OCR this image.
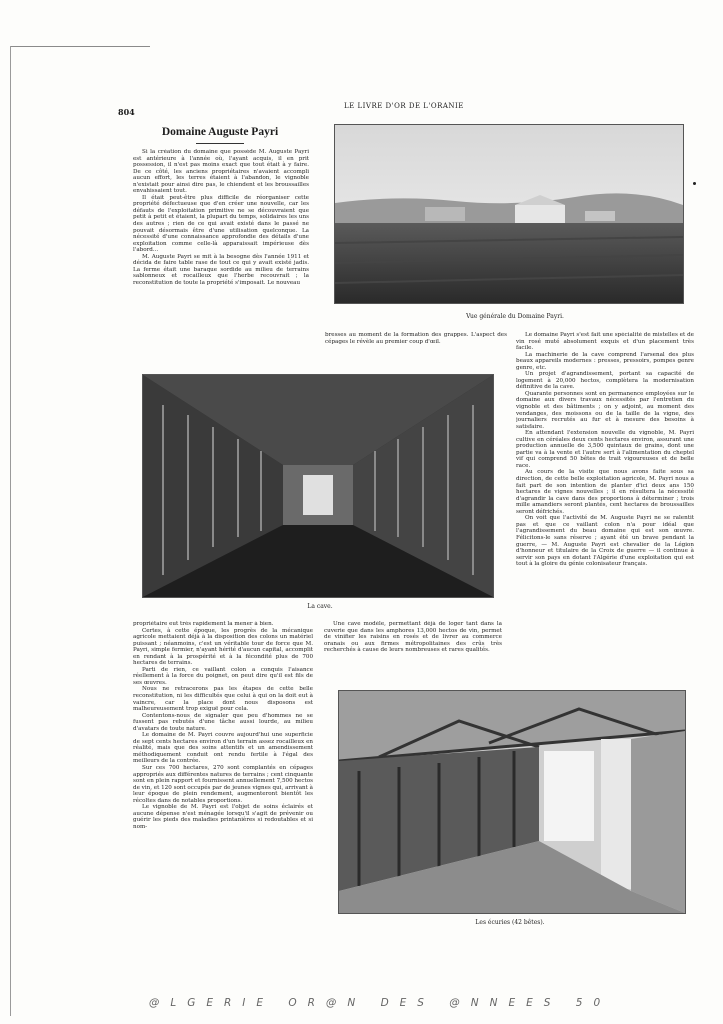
804
LE LIVRE D'OR DE L'ORANIE
Domaine Auguste Payri

Si la création du domaine que possède M. Auguste Payri est antérieure à l'année où, l'ayant acquis, il en prit possession, il n'est pas moins exact que tout était à y faire. De ce côté, les anciens propriétaires n'avaient accompli aucun effort, les terres étaient à l'abandon, le vignoble n'existait pour ainsi dire pas, le chiendent et les broussailles envahissaient tout.

Il était peut-être plus difficile de réorganiser cette propriété défectueuse que d'en créer une nouvelle, car les défauts de l'exploitation primitive ne se découvraient que petit à petit et étaient, la plupart du temps, solidaires les uns des autres ; rien de ce qui avait existé dans le passé ne pouvait désormais être d'une utilisation quelconque. La nécessité d'une connaissance approfondie des détails d'une exploitation comme celle-là apparaissait impérieuse dès l'abord...

M. Auguste Payri se mit à la besogne dès l'année 1911 et décida de faire table rase de tout ce qui y avait existé jadis. La ferme était une baraque sordide au milieu de terrains sablonneux et rocailleux que l'herbe recouvrait ; la reconstitution de toute la propriété s'imposait. Le nouveau

Vue générale du Domaine Payri.

bresses au moment de la formation des grappes. L'aspect des cépages le révèle au premier coup d'œil.

Le domaine Payri s'est fait une spécialité de mistelles et de vin rosé muté absolument exquis et d'un placement très facile.

La machinerie de la cave comprend l'arsenal des plus beaux appareils modernes : presses, pressoirs, pompes genre genre, etc.

Un projet d'agrandissement, portant sa capacité de logement à 20,000 hectos, complètera la modernisation définitive de la cave.

Quarante personnes sont en permanence employées sur le domaine aux divers travaux nécessités par l'entretien du vignoble et des bâtiments ; on y adjoint, au moment des vendanges, des moissons ou de la taille de la vigne, des journaliers recrutés au fur et à mesure des besoins à satisfaire.

En attendant l'extension nouvelle du vignoble, M. Payri cultive en céréales deux cents hectares environ, assurant une production annuelle de 3,500 quintaux de grains, dont une partie va à la vente et l'autre sert à l'alimentation du cheptel vif qui comprend 50 bêtes de trait vigoureuses et de belle race.

Au cours de la visite que nous avons faite sous sa direction, de cette belle exploitation agricole, M. Payri nous a fait part de son intention de planter d'ici deux ans 150 hectares de vignes nouvelles ; il en résultera la nécessité d'agrandir la cave dans des proportions à déterminer ; trois mille amandiers seront plantés, cent hectares de broussailles seront défrichés.

On voit que l'activité de M. Auguste Payri ne se ralentit pas et que ce vaillant colon n'a pour idéal que l'agrandissement du beau domaine qui est son œuvre. Félicitons-le sans réserve ; ayant été un brave pendant la guerre, — M. Auguste Payri est chevalier de la Légion d'honneur et titulaire de la Croix de guerre — il continue à servir son pays en dotant l'Algérie d'une exploitation qui est tout à la gloire du génie colonisateur français.

La cave.

propriétaire eut très rapidement la mener à bien.

Certes, à cette époque, les progrès de la mécanique agricole mettaient déjà à la disposition des colons un matériel puissant ; néanmoins, c'est un véritable tour de force que M. Payri, simple fermier, n'ayant hérité d'aucun capital, accomplit en rendant à la prospérité et à la fécondité plus de 700 hectares de terrains.

Parti de rien, ce vaillant colon a conquis l'aisance réellement à la force du poignet, on peut dire qu'il est fils de ses œuvres.

Nous ne retracerons pas les étapes de cette belle reconstitution, ni les difficultés que celui à qui on la doit eut à vaincre, car la place dont nous disposons est malheureusement trop exiguë pour cela.

Contentons-nous de signaler que peu d'hommes ne se fussent pas rebutés d'une tâche aussi lourde, au milieu d'avatars de toute nature.

Le domaine de M. Payri couvre aujourd'hui une superficie de sept cents hectares environ d'un terrain assez rocailleux en réalité, mais que des soins attentifs et un amendissement méthodiquement conduit ont rendu fertile à l'égal des meilleurs de la contrée.

Sur ces 700 hectares, 270 sont complantés en cépages appropriés aux différentes natures de terrains ; cent cinquante sont en plein rapport et fournissent annuellement 7,500 hectos de vin, et 120 sont occupés par de jeunes vignes qui, arrivant à leur époque de plein rendement, augmenteront bientôt les récoltes dans de notables proportions.

Le vignoble de M. Payri est l'objet de soins éclairés et aucune dépense n'est ménagée lorsqu'il s'agit de prévenir ou guérir les pieds des maladies printanières si redoutables et si nom-

Une cave modèle, permettant déjà de loger tant dans la cuverie que dans les amphores 13,000 hectos de vin, permet de vinifier les raisins en rosés et de livrer au commerce oranais ou aux firmes métropolitaines des crûs très recherchés à cause de leurs nombreuses et rares qualités.

Les écuries (42 bêtes).
@LGERIE OR@N DES @NNEES 50
